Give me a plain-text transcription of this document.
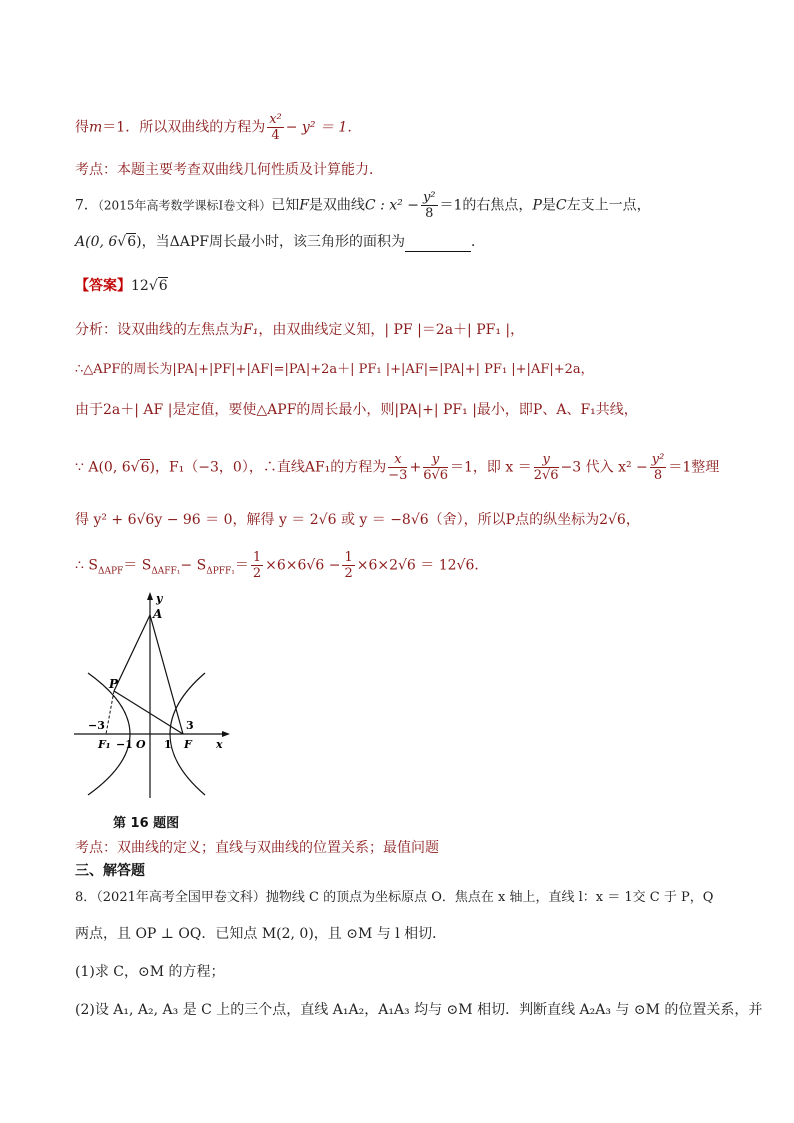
得m＝1．所以双曲线的方程为 $\frac{\text{x²}}{4} - y^2 = 1$．
考点：本题主要考查双曲线几何性质及计算能力．
7．（2015年高考数学课标Ⅰ卷文科）已知F是双曲线C : $x^2 - \frac{\text{y²}}{8} =1$的右焦点，P是C左支上一点，
A(0, 6√6)，当ΔAPF周长最小时，该三角形的面积为	．
【答案】12√6
分析：设双曲线的左焦点为F₁，由双曲线定义知，| PF |＝2a＋| PF₁ |，
∴△APF的周长为|PA|+|PF|+|AF|=|PA|+2a＋| PF₁ |+|AF|=|PA|+| PF₁ |+|AF|+2a，
由于2a＋| AF |是定值，要使△APF的周长最小，则|PA|+| PF₁ |最小，即P、A、F₁共线，
∵ A(0, 6√6)，F₁（−3，0），∴直线AF₁的方程为 $\frac{x}{-3} + \frac{y}{6√6} =1$，即 $x = \frac{y}{2√6} -3$ 代入 $x^2 - \frac{\text{y²}}{8} =1$整理
得 y² + 6√6y − 96 ＝ 0，解得 y ＝ 2√6 或 y ＝ −8√6（舍），所以P点的纵坐标为2√6，
∴ $S_{\Delta APF}= S_{\Delta AFF_1}- S_{\Delta PFF_1}= \frac{1}{2} \times 6\times 6√6 - \frac{1}{2} \times 6\times 2√6 = 12√6$．
y
A
P
−3	3
F₁ −1 O 1 F x
第 16 题图
考点：双曲线的定义；直线与双曲线的位置关系；最值问题
三、解答题
8．（2021年高考全国甲卷文科）抛物线 C 的顶点为坐标原点 O．焦点在 x 轴上，直线 l：x ＝ 1交 C 于 P，Q
两点，且 OP ⊥ OQ．已知点 M(2, 0)，且 ⊙M 与 l 相切．
(1)求 C，⊙M 的方程；
(2)设 A₁, A₂, A₃ 是 C 上的三个点，直线 A₁A₂，A₁A₃ 均与 ⊙M 相切．判断直线 A₂A₃ 与 ⊙M 的位置关系，并
